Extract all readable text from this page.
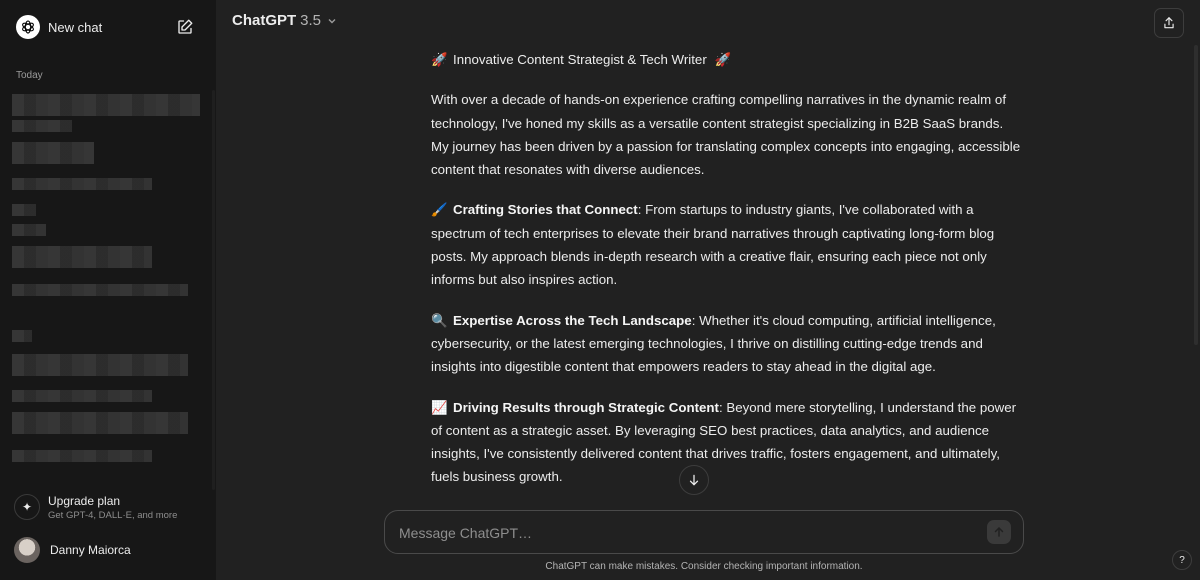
New chat
Today
✦	Upgrade plan
Get GPT-4, DALL·E, and more
Danny Maiorca
ChatGPT 3.5

🚀 Innovative Content Strategist & Tech Writer 🚀

With over a decade of hands-on experience crafting compelling narratives in the dynamic realm of technology, I've honed my skills as a versatile content strategist specializing in B2B SaaS brands. My journey has been driven by a passion for translating complex concepts into engaging, accessible content that resonates with diverse audiences.

🖌️ Crafting Stories that Connect: From startups to industry giants, I've collaborated with a spectrum of tech enterprises to elevate their brand narratives through captivating long-form blog posts. My approach blends in-depth research with a creative flair, ensuring each piece not only informs but also inspires action.

🔍 Expertise Across the Tech Landscape: Whether it's cloud computing, artificial intelligence, cybersecurity, or the latest emerging technologies, I thrive on distilling cutting-edge trends and insights into digestible content that empowers readers to stay ahead in the digital age.

📈 Driving Results through Strategic Content: Beyond mere storytelling, I understand the power of content as a strategic asset. By leveraging SEO best practices, data analytics, and audience insights, I've consistently delivered content that drives traffic, fosters engagement, and ultimately, fuels business growth.

Message ChatGPT…
ChatGPT can make mistakes. Consider checking important information.
?
